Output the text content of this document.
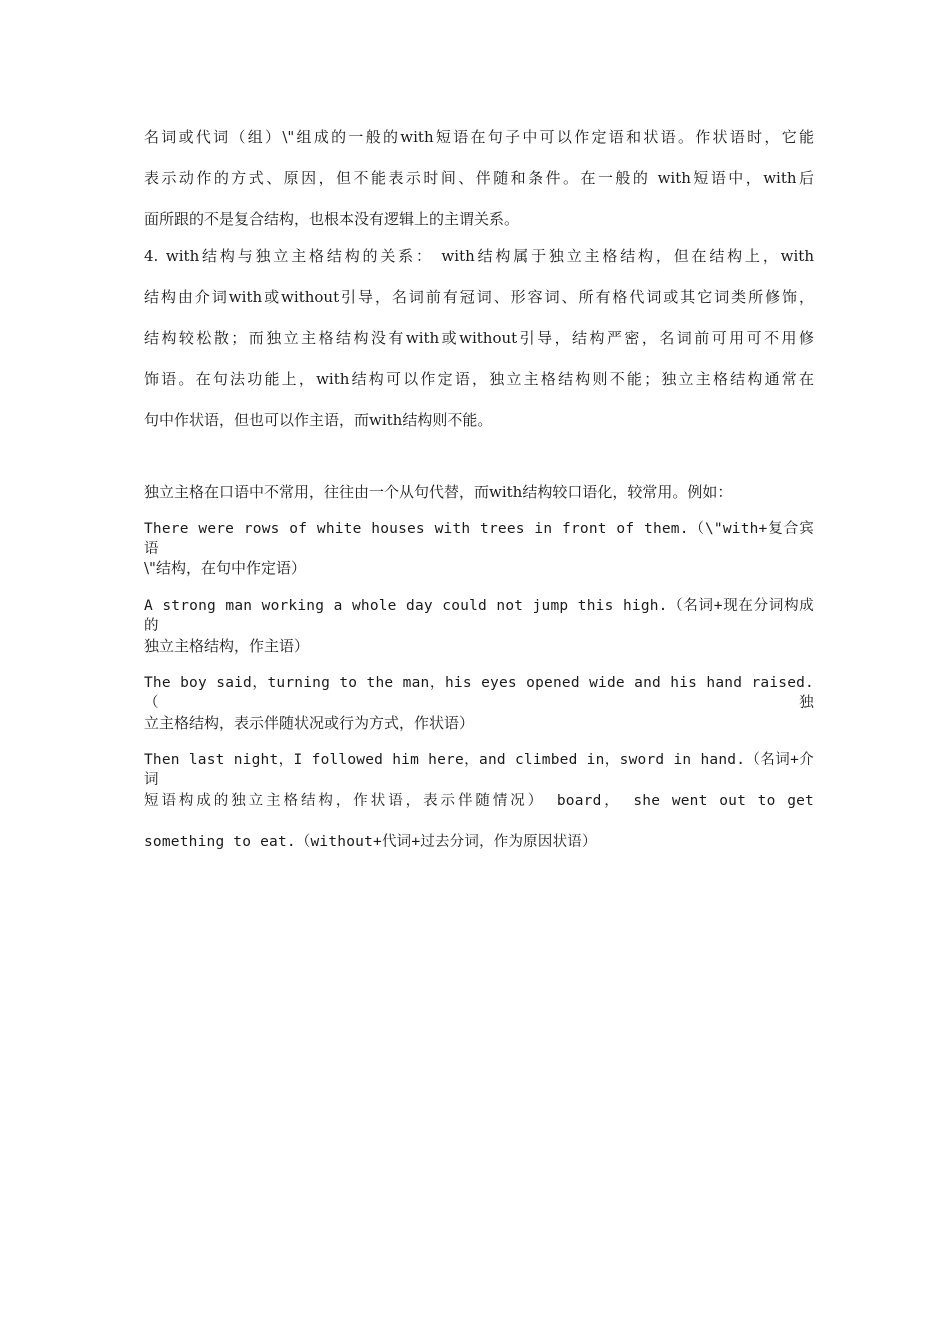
名词或代词（组）\"组成的一般的with短语在句子中可以作定语和状语。作状语时，它能
表示动作的方式、原因，但不能表示时间、伴随和条件。在一般的 with短语中，with后
面所跟的不是复合结构，也根本没有逻辑上的主谓关系。
4. with结构与独立主格结构的关系： with结构属于独立主格结构，但在结构上，with
结构由介词with或without引导，名词前有冠词、形容词、所有格代词或其它词类所修饰，
结构较松散；而独立主格结构没有with或without引导，结构严密，名词前可用可不用修
饰语。在句法功能上，with结构可以作定语，独立主格结构则不能；独立主格结构通常在
句中作状语，但也可以作主语，而with结构则不能。
独立主格在口语中不常用，往往由一个从句代替，而with结构较口语化，较常用。例如：
There were rows of white houses with trees in front of them.（\"with+复合宾语
\"结构，在句中作定语）
A strong man working a whole day could not jump this high.（名词+现在分词构成的
独立主格结构，作主语）
The boy said，turning to the man，his eyes opened wide and his hand raised.（独
立主格结构，表示伴随状况或行为方式，作状语）
Then last night，I followed him here，and climbed in，sword in hand.（名词+介词
短语构成的独立主格结构，作状语，表示伴随情况） board， she went out to get
something to eat.（without+代词+过去分词，作为原因状语）
